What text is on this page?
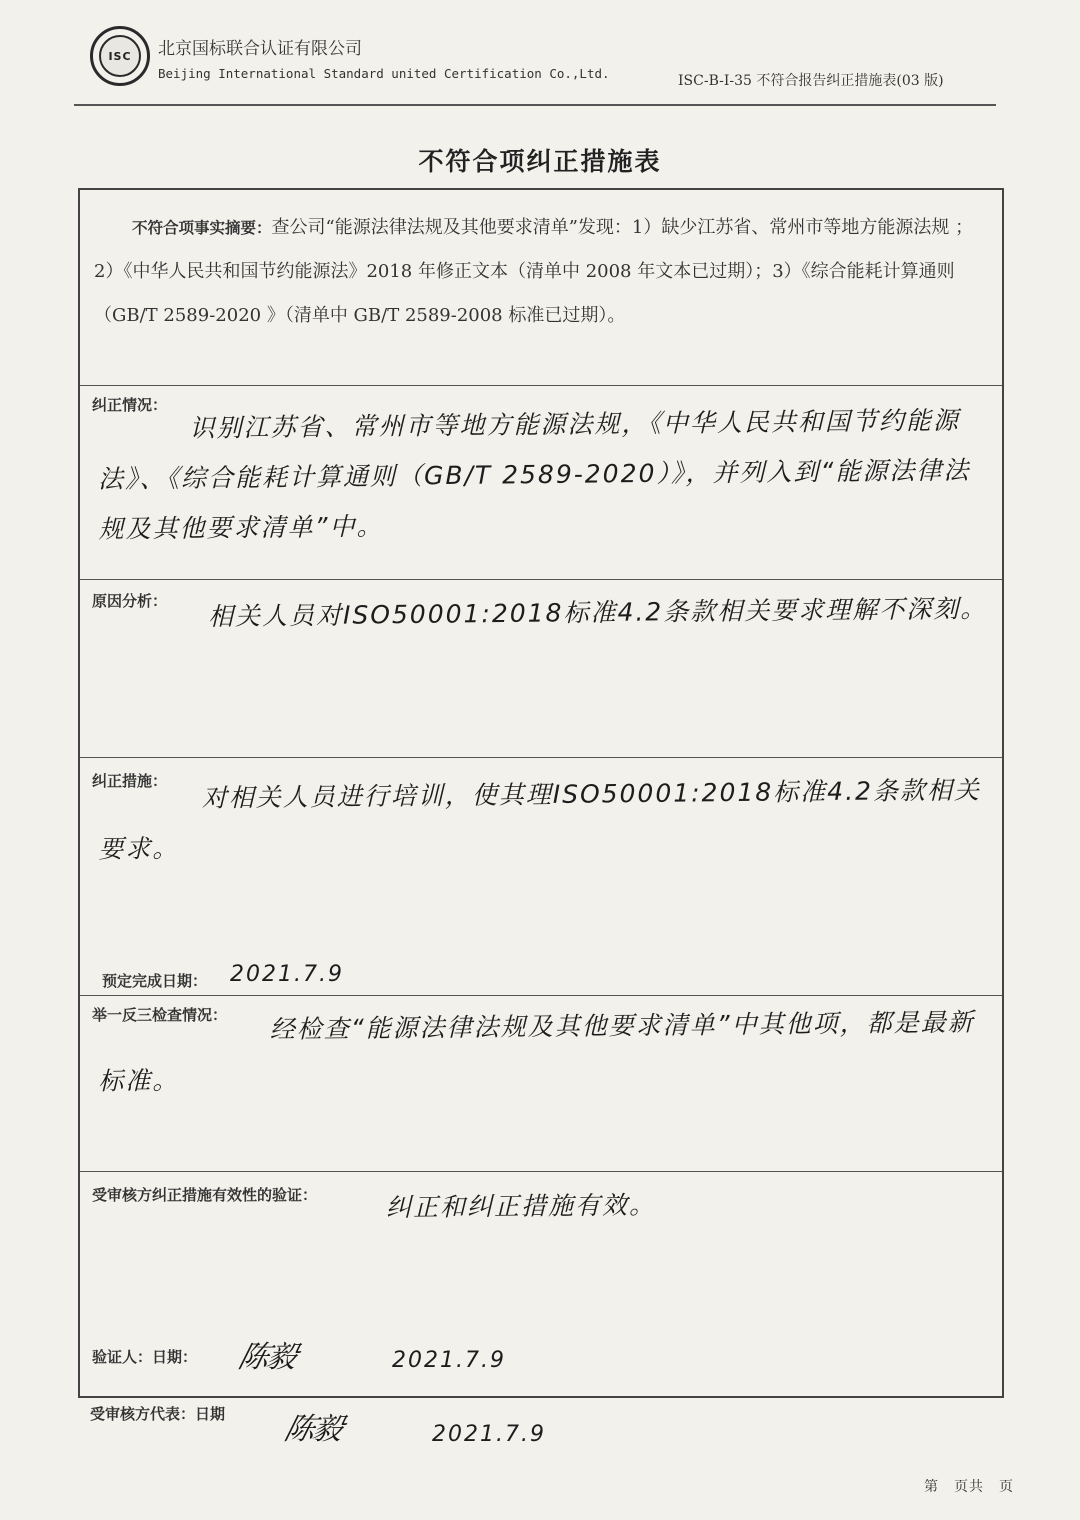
ISC	北京国标联合认证有限公司
Beijing International Standard united Certification Co.,Ltd.	ISC-B-I-35 不符合报告纠正措施表(03 版)
不符合项纠正措施表
不符合项事实摘要：查公司“能源法律法规及其他要求清单”发现：1）缺少江苏省、常州市等地方能源法规 ；2）《中华人民共和国节约能源法》2018 年修正文本（清单中 2008 年文本已过期）；3）《综合能耗计算通则（GB/T 2589-2020 》（清单中 GB/T 2589-2008 标准已过期）。
纠正情况：
识别江苏省、常州市等地方能源法规，《中华人民共和国节约能源法》、《综合能耗计算通则（GB/T 2589-2020）》，并列入到“能源法律法规及其他要求清单”中。
原因分析： 相关人员对ISO50001:2018标准4.2条款相关要求理解不深刻。
纠正措施：	对相关人员进行培训，使其理ISO50001:2018标准4.2条款相关要求。
预定完成日期： 2021.7.9
举一反三检查情况：	经检查“能源法律法规及其他要求清单”中其他项，都是最新标准。
受审核方纠正措施有效性的验证：	纠正和纠正措施有效。
验证人：日期： 陈毅	2021.7.9
受审核方代表：日期 陈毅	2021.7.9
第　页共　页
